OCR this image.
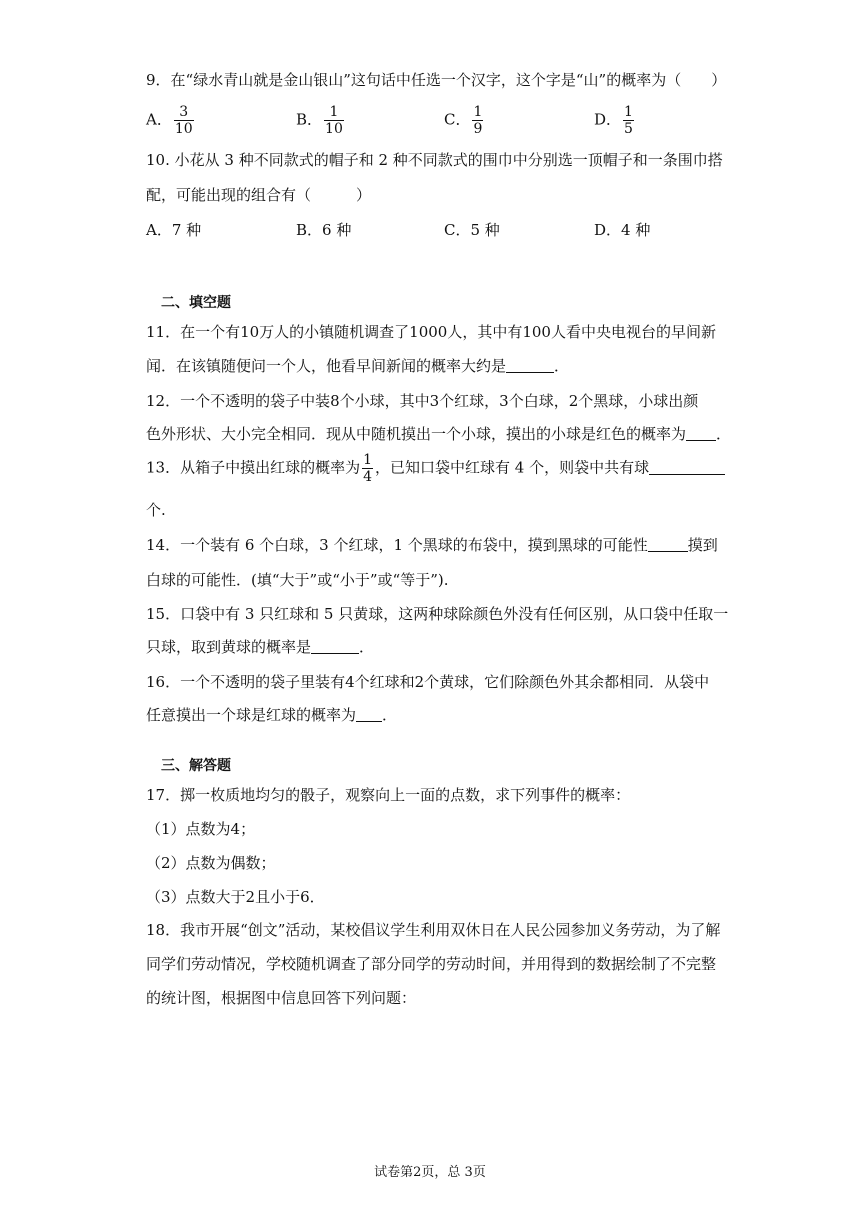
9．在“绿水青山就是金山银山”这句话中任选一个汉字，这个字是“山”的概率为（　　）
A． $\frac{3}{10}$	B． $\frac{1}{10}$	C． $\frac{1}{9}$	D． $\frac{1}{5}$
10. 小花从 3 种不同款式的帽子和 2 种不同款式的围巾中分别选一顶帽子和一条围巾搭
配，可能出现的组合有（　　　）
A．7 种	B．6 种	C．5 种	D．4 种
二、填空题
11．在一个有10万人的小镇随机调查了1000人，其中有100人看中央电视台的早间新
闻．在该镇随便问一个人，他看早间新闻的概率大约是	．
12．一个不透明的袋子中装8个小球，其中3个红球，3个白球，2个黑球，小球出颜
色外形状、大小完全相同．现从中随机摸出一个小球，摸出的小球是红色的概率为 ．
13．从箱子中摸出红球的概率为 $\frac{1}{4}$ ，已知口袋中红球有 4 个，则袋中共有球
个.
14．一个装有 6 个白球，3 个红球，1 个黑球的布袋中，摸到黑球的可能性	摸到
白球的可能性．(填“大于”或“小于”或“等于”).
15．口袋中有 3 只红球和 5 只黄球，这两种球除颜色外没有任何区别，从口袋中任取一
只球，取到黄球的概率是	．
16．一个不透明的袋子里装有4个红球和2个黄球，它们除颜色外其余都相同．从袋中
任意摸出一个球是红球的概率为 ．
三、解答题
17．掷一枚质地均匀的骰子，观察向上一面的点数，求下列事件的概率：
（1）点数为4；
（2）点数为偶数；
（3）点数大于2且小于6．
18．我市开展“创文”活动，某校倡议学生利用双休日在人民公园参加义务劳动，为了解
同学们劳动情况，学校随机调查了部分同学的劳动时间，并用得到的数据绘制了不完整
的统计图，根据图中信息回答下列问题：
试卷第2页，总 3页
